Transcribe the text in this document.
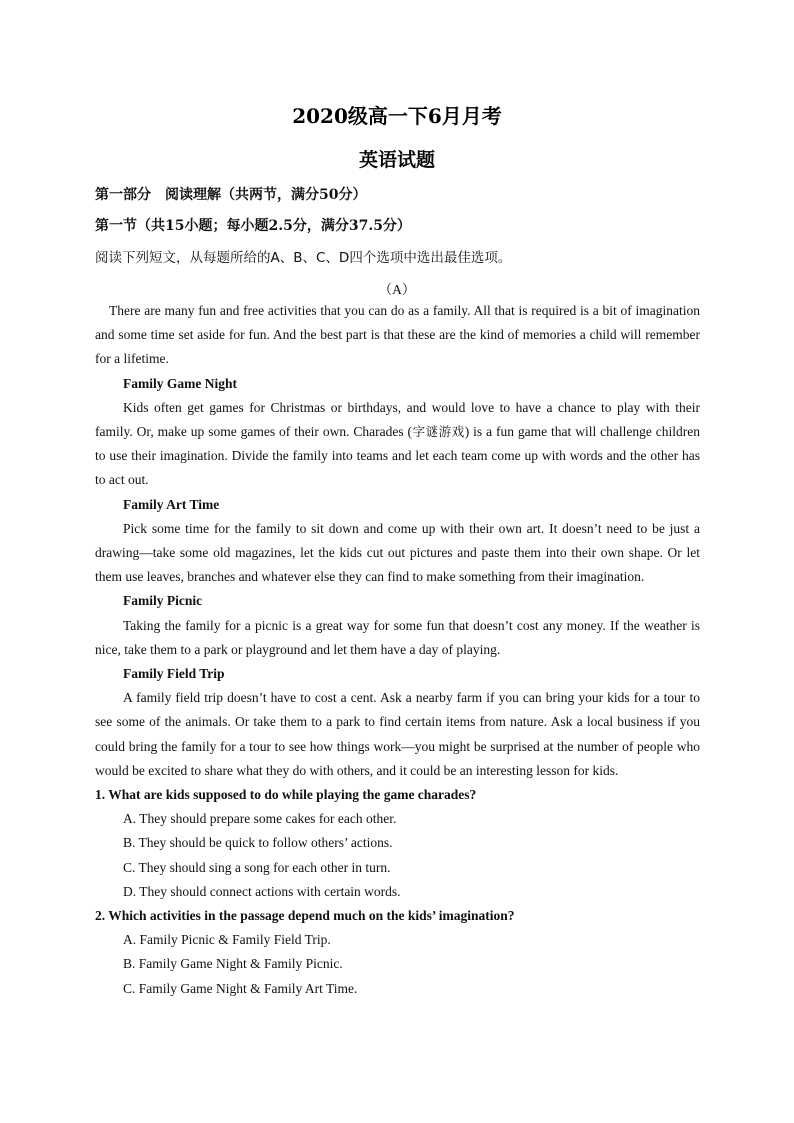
2020级高一下6月月考
英语试题
第一部分　阅读理解（共两节，满分50分）
第一节（共15小题；每小题2.5分，满分37.5分）
阅读下列短文，从每题所给的A、B、C、D四个选项中选出最佳选项。
（A）

There are many fun and free activities that you can do as a family. All that is required is a bit of imagination and some time set aside for fun. And the best part is that these are the kind of memories a child will remember for a lifetime.

Family Game Night

Kids often get games for Christmas or birthdays, and would love to have a chance to play with their family. Or, make up some games of their own. Charades (字谜游戏) is a fun game that will challenge children to use their imagination. Divide the family into teams and let each team come up with words and the other has to act out.

Family Art Time

Pick some time for the family to sit down and come up with their own art. It doesn’t need to be just a drawing—take some old magazines, let the kids cut out pictures and paste them into their own shape. Or let them use leaves, branches and whatever else they can find to make something from their imagination.

Family Picnic

Taking the family for a picnic is a great way for some fun that doesn’t cost any money. If the weather is nice, take them to a park or playground and let them have a day of playing.

Family Field Trip

A family field trip doesn’t have to cost a cent. Ask a nearby farm if you can bring your kids for a tour to see some of the animals. Or take them to a park to find certain items from nature. Ask a local business if you could bring the family for a tour to see how things work—you might be surprised at the number of people who would be excited to share what they do with others, and it could be an interesting lesson for kids.

1. What are kids supposed to do while playing the game charades?
A. They should prepare some cakes for each other.
B. They should be quick to follow others’ actions.
C. They should sing a song for each other in turn.
D. They should connect actions with certain words.
2. Which activities in the passage depend much on the kids’ imagination?
A. Family Picnic & Family Field Trip.
B. Family Game Night & Family Picnic.
C. Family Game Night & Family Art Time.
